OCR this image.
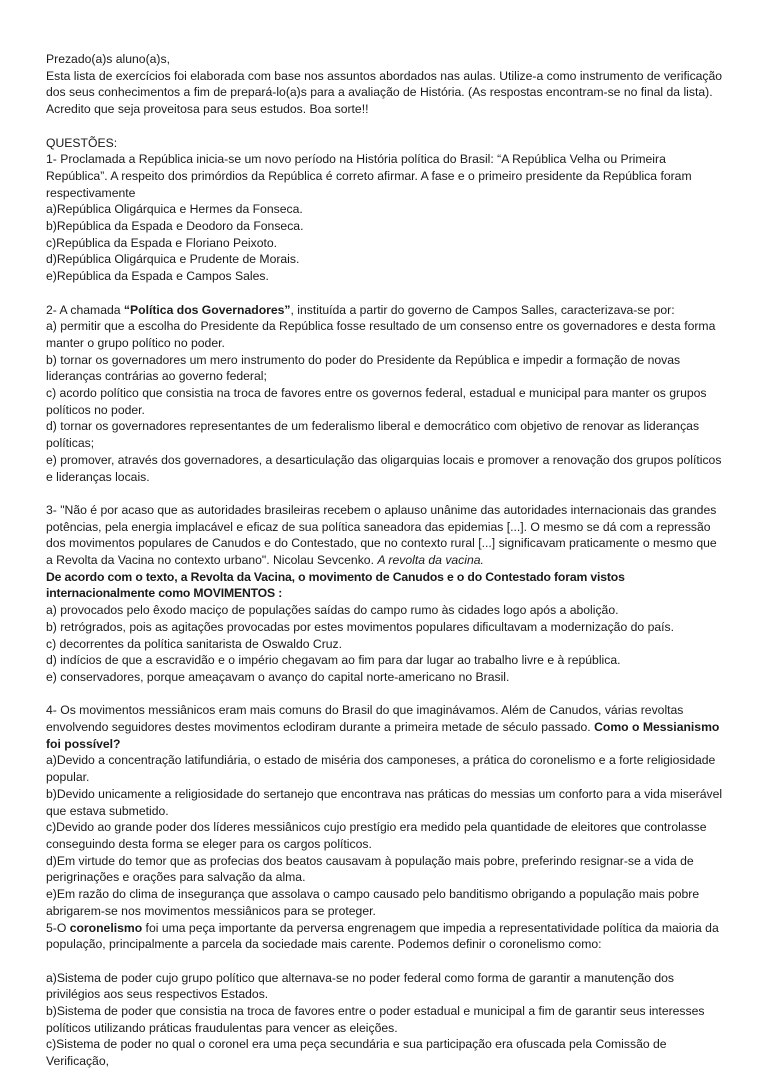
Prezado(a)s aluno(a)s,

Esta lista de exercícios foi elaborada com base nos assuntos abordados nas aulas. Utilize-a como instrumento de verificação dos seus conhecimentos a fim de prepará-lo(a)s para a avaliação de História. (As respostas encontram-se no final da lista). Acredito que seja proveitosa para seus estudos. Boa sorte!!

QUESTÕES:

1- Proclamada a República inicia-se um novo período na História política do Brasil: “A República Velha ou Primeira República”. A respeito dos primórdios da República é correto afirmar. A fase e o primeiro presidente da República foram respectivamente

a)República Oligárquica e Hermes da Fonseca.

b)República da Espada e Deodoro da Fonseca.

c)República da Espada e Floriano Peixoto.

d)República Oligárquica e Prudente de Morais.

e)República da Espada e Campos Sales.

2- A chamada “Política dos Governadores”, instituída a partir do governo de Campos Salles, caracterizava-se por:

a) permitir que a escolha do Presidente da República fosse resultado de um consenso entre os governadores e desta forma manter o grupo político no poder.

b) tornar os governadores um mero instrumento do poder do Presidente da República e impedir a formação de novas lideranças contrárias ao governo federal;

c) acordo político que consistia na troca de favores entre os governos federal, estadual e municipal para manter os grupos políticos no poder.

d) tornar os governadores representantes de um federalismo liberal e democrático com objetivo de renovar as lideranças políticas;

e) promover, através dos governadores, a desarticulação das oligarquias locais e promover a renovação dos grupos políticos e lideranças locais.

3- "Não é por acaso que as autoridades brasileiras recebem o aplauso unânime das autoridades internacionais das grandes potências, pela energia implacável e eficaz de sua política saneadora das epidemias [...]. O mesmo se dá com a repressão dos movimentos populares de Canudos e do Contestado, que no contexto rural [...] significavam praticamente o mesmo que a Revolta da Vacina no contexto urbano". Nicolau Sevcenko. A revolta da vacina.

De acordo com o texto, a Revolta da Vacina, o movimento de Canudos e o do Contestado foram vistos internacionalmente como MOVIMENTOS :

a) provocados pelo êxodo maciço de populações saídas do campo rumo às cidades logo após a abolição.

b) retrógrados, pois as agitações provocadas por estes movimentos populares dificultavam a modernização do país.

c) decorrentes da política sanitarista de Oswaldo Cruz.

d) indícios de que a escravidão e o império chegavam ao fim para dar lugar ao trabalho livre e à república.

e) conservadores, porque ameaçavam o avanço do capital norte-americano no Brasil.

4- Os movimentos messiânicos eram mais comuns do Brasil do que imaginávamos. Além de Canudos, várias revoltas envolvendo seguidores destes movimentos eclodiram durante a primeira metade de século passado. Como o Messianismo foi possível?

a)Devido a concentração latifundiária, o estado de miséria dos camponeses, a prática do coronelismo e a forte religiosidade popular.

b)Devido unicamente a religiosidade do sertanejo que encontrava nas práticas do messias um conforto para a vida miserável que estava submetido.

c)Devido ao grande poder dos líderes messiânicos cujo prestígio era medido pela quantidade de eleitores que controlasse conseguindo desta forma se eleger para os cargos políticos.

d)Em virtude do temor que as profecias dos beatos causavam à população mais pobre, preferindo resignar-se a vida de perigrinações e orações para salvação da alma.

e)Em razão do clima de insegurança que assolava o campo causado pelo banditismo obrigando a população mais pobre abrigarem-se nos movimentos messiânicos para se proteger.

5-O coronelismo foi uma peça importante da perversa engrenagem que impedia a representatividade política da maioria da população, principalmente a parcela da sociedade mais carente. Podemos definir o coronelismo como:

a)Sistema de poder cujo grupo político que alternava-se no poder federal como forma de garantir a manutenção dos privilégios aos seus respectivos Estados.

b)Sistema de poder que consistia na troca de favores entre o poder estadual e municipal a fim de garantir seus interesses políticos utilizando práticas fraudulentas para vencer as eleições.

c)Sistema de poder no qual o coronel era uma peça secundária e sua participação era ofuscada pela Comissão de Verificação,
